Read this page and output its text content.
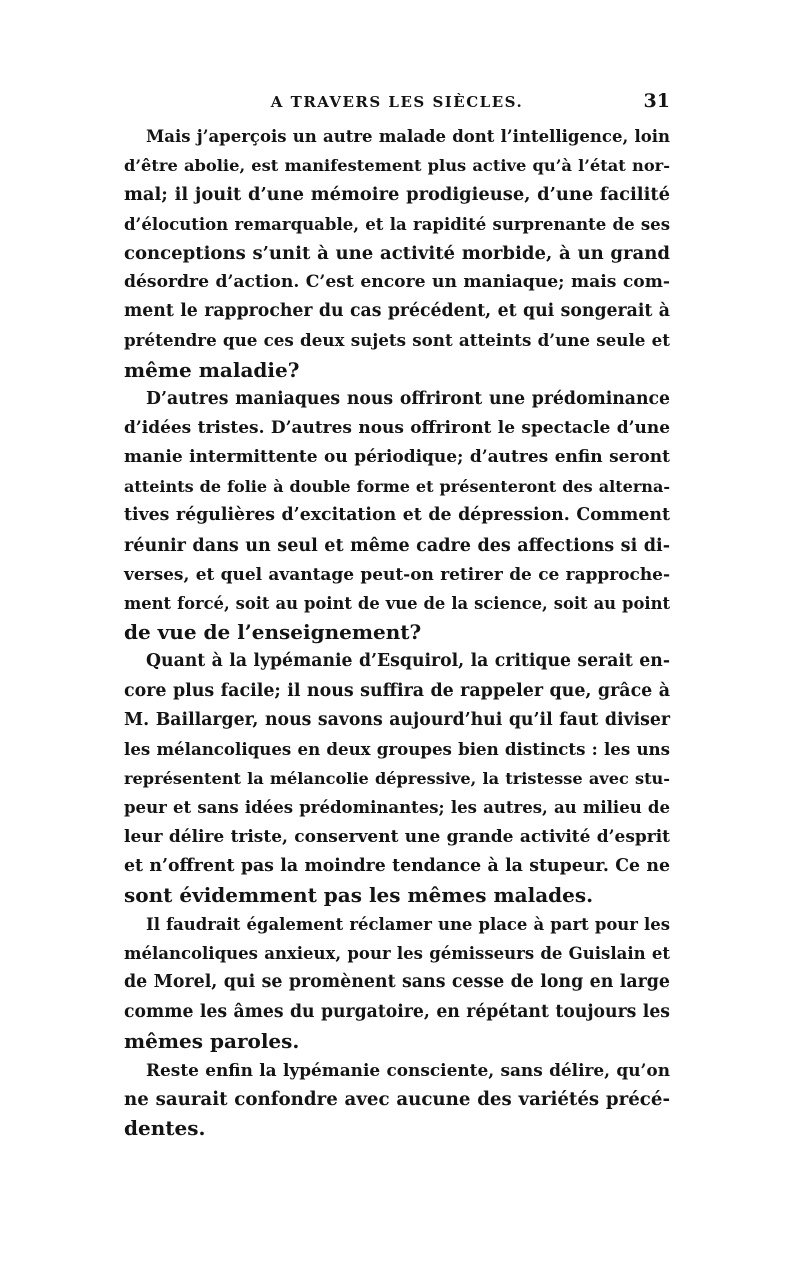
A TRAVERS LES SIÈCLES.	31
Mais j’aperçois un autre malade dont l’intelligence, loin
d’être abolie, est manifestement plus active qu’à l’état nor-
mal; il jouit d’une mémoire prodigieuse, d’une facilité
d’élocution remarquable, et la rapidité surprenante de ses
conceptions s’unit à une activité morbide, à un grand
désordre d’action. C’est encore un maniaque; mais com-
ment le rapprocher du cas précédent, et qui songerait à
prétendre que ces deux sujets sont atteints d’une seule et
même maladie?
D’autres maniaques nous offriront une prédominance
d’idées tristes. D’autres nous offriront le spectacle d’une
manie intermittente ou périodique; d’autres enfin seront
atteints de folie à double forme et présenteront des alterna-
tives régulières d’excitation et de dépression. Comment
réunir dans un seul et même cadre des affections si di-
verses, et quel avantage peut-on retirer de ce rapproche-
ment forcé, soit au point de vue de la science, soit au point
de vue de l’enseignement?
Quant à la lypémanie d’Esquirol, la critique serait en-
core plus facile; il nous suffira de rappeler que, grâce à
M. Baillarger, nous savons aujourd’hui qu’il faut diviser
les mélancoliques en deux groupes bien distincts : les uns
représentent la mélancolie dépressive, la tristesse avec stu-
peur et sans idées prédominantes; les autres, au milieu de
leur délire triste, conservent une grande activité d’esprit
et n’offrent pas la moindre tendance à la stupeur. Ce ne
sont évidemment pas les mêmes malades.
Il faudrait également réclamer une place à part pour les
mélancoliques anxieux, pour les gémisseurs de Guislain et
de Morel, qui se promènent sans cesse de long en large
comme les âmes du purgatoire, en répétant toujours les
mêmes paroles.
Reste enfin la lypémanie consciente, sans délire, qu’on
ne saurait confondre avec aucune des variétés précé-
dentes.
